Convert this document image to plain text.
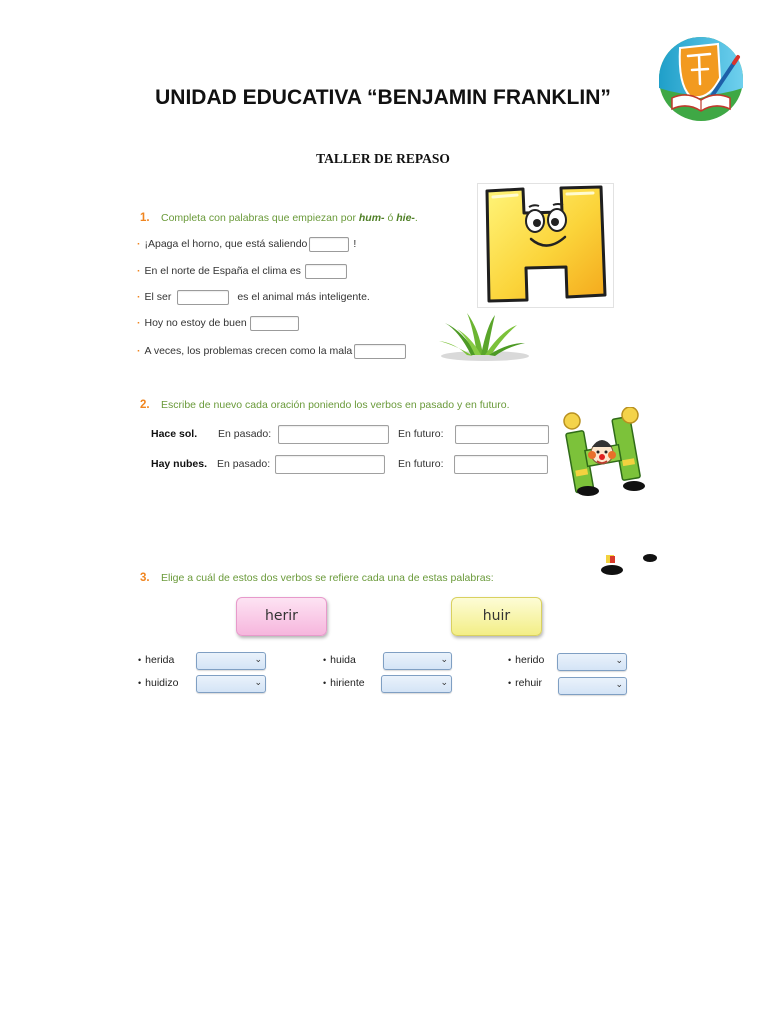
UNIDAD EDUCATIVA “BENJAMIN FRANKLIN”
TALLER DE REPASO
1. Completa con palabras que empiezan por hum- ó hie-.
· ¡Apaga el horno, que está saliendo	!
· En el norte de España el clima es
· El ser	es el animal más inteligente.
· Hoy no estoy de buen
· A veces, los problemas crecen como la mala
2. Escribe de nuevo cada oración poniendo los verbos en pasado y en futuro.
Hace sol. En pasado:	En futuro:
Hay nubes. En pasado:	En futuro:
3. Elige a cuál de estos dos verbos se refiere cada una de estas palabras:
herir	huir
• herida	⌄	• huida	⌄	• herido	⌄
• huidizo	⌄	• hiriente	⌄	• rehuir	⌄
